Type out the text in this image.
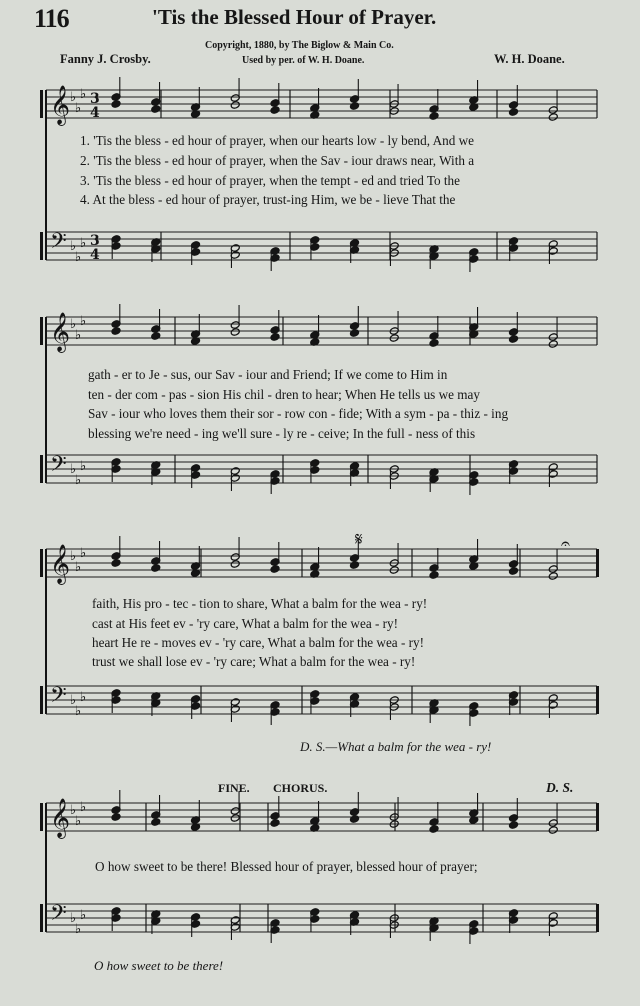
𝄞
𝄢
♭
♭
♭
♭
♭
♭
3
4
3
4
𝄞
𝄢
♭
♭
♭
♭
♭
♭
𝄞
𝄢
♭
♭
♭
♭
♭
♭
𝄞
𝄢
♭
♭
♭
♭
♭
♭
𝄋	𝄐
116	'Tis the Blessed Hour of Prayer.
Copyright, 1880, by The Biglow & Main Co.
Used by per. of W. H. Doane.
Fanny J. Crosby.	W. H. Doane.
1. 'Tis the bless - ed hour of prayer, when our hearts low - ly bend, And we
2. 'Tis the bless - ed hour of prayer, when the Sav - iour draws near, With a
3. 'Tis the bless - ed hour of prayer, when the tempt - ed and tried To the
4. At the bless - ed hour of prayer, trust-ing Him, we be - lieve That the
gath - er to Je - sus, our Sav - iour and Friend; If we come to Him in
ten - der com - pas - sion His chil - dren to hear; When He tells us we may
Sav - iour who loves them their sor - row con - fide; With a sym - pa - thiz - ing
blessing we're need - ing we'll sure - ly re - ceive; In the full - ness of this
faith, His pro - tec - tion to share, What a balm for the wea - ry!
cast at His feet ev - 'ry care, What a balm for the wea - ry!
heart He re - moves ev - 'ry care, What a balm for the wea - ry!
trust we shall lose ev - 'ry care; What a balm for the wea - ry!
D. S.—What a balm for the wea - ry!
FINE. CHORUS.	D. S.
O how sweet to be there! Blessed hour of prayer, blessed hour of prayer;
O how sweet to be there!
